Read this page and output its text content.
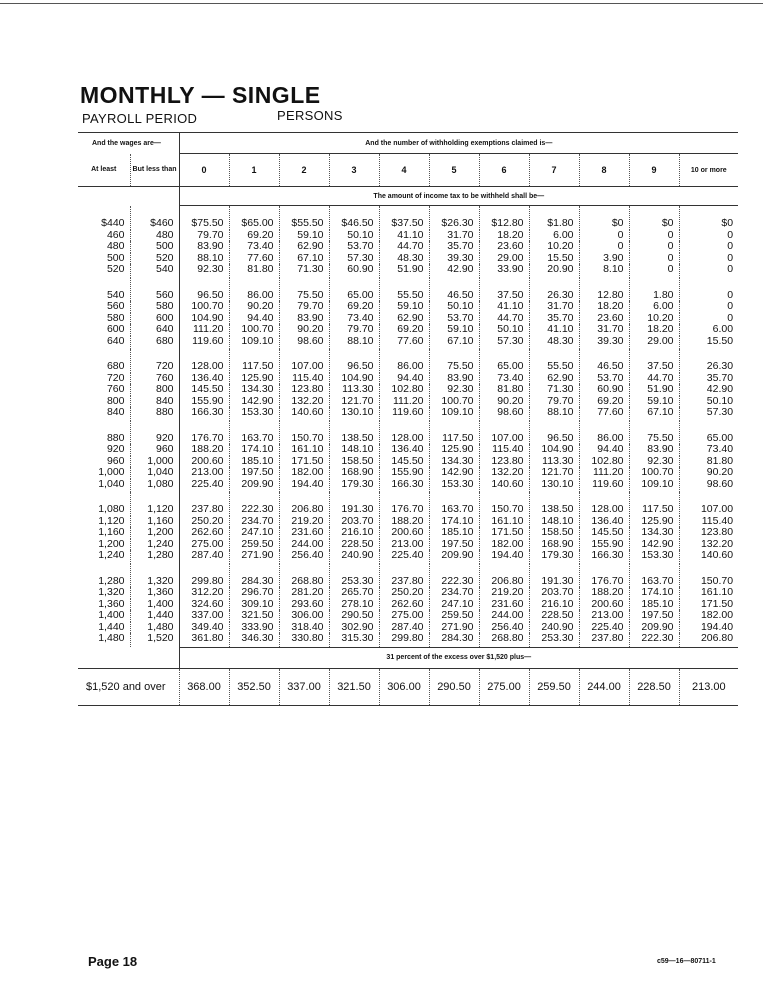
MONTHLY — SINGLE
PAYROLL PERIOD	PERSONS
And the wages are—		And the number of withholding exemptions claimed is—										
At least	But less than	0	1	2	3	4	5	6	7	8	9	10 or more
		The amount of income tax to be withheld shall be—										
$440	$460	$75.50	$65.00	$55.50	$46.50	$37.50	$26.30	$12.80	$1.80	$0	$0	$0
460	480	79.70	69.20	59.10	50.10	41.10	31.70	18.20	6.00	0	0	0
480	500	83.90	73.40	62.90	53.70	44.70	35.70	23.60	10.20	0	0	0
500	520	88.10	77.60	67.10	57.30	48.30	39.30	29.00	15.50	3.90	0	0
520	540	92.30	81.80	71.30	60.90	51.90	42.90	33.90	20.90	8.10	0	0
540	560	96.50	86.00	75.50	65.00	55.50	46.50	37.50	26.30	12.80	1.80	0
560	580	100.70	90.20	79.70	69.20	59.10	50.10	41.10	31.70	18.20	6.00	0
580	600	104.90	94.40	83.90	73.40	62.90	53.70	44.70	35.70	23.60	10.20	0
600	640	111.20	100.70	90.20	79.70	69.20	59.10	50.10	41.10	31.70	18.20	6.00
640	680	119.60	109.10	98.60	88.10	77.60	67.10	57.30	48.30	39.30	29.00	15.50
680	720	128.00	117.50	107.00	96.50	86.00	75.50	65.00	55.50	46.50	37.50	26.30
720	760	136.40	125.90	115.40	104.90	94.40	83.90	73.40	62.90	53.70	44.70	35.70
760	800	145.50	134.30	123.80	113.30	102.80	92.30	81.80	71.30	60.90	51.90	42.90
800	840	155.90	142.90	132.20	121.70	111.20	100.70	90.20	79.70	69.20	59.10	50.10
840	880	166.30	153.30	140.60	130.10	119.60	109.10	98.60	88.10	77.60	67.10	57.30
880	920	176.70	163.70	150.70	138.50	128.00	117.50	107.00	96.50	86.00	75.50	65.00
920	960	188.20	174.10	161.10	148.10	136.40	125.90	115.40	104.90	94.40	83.90	73.40
960	1,000	200.60	185.10	171.50	158.50	145.50	134.30	123.80	113.30	102.80	92.30	81.80
1,000	1,040	213.00	197.50	182.00	168.90	155.90	142.90	132.20	121.70	111.20	100.70	90.20
1,040	1,080	225.40	209.90	194.40	179.30	166.30	153.30	140.60	130.10	119.60	109.10	98.60
1,080	1,120	237.80	222.30	206.80	191.30	176.70	163.70	150.70	138.50	128.00	117.50	107.00
1,120	1,160	250.20	234.70	219.20	203.70	188.20	174.10	161.10	148.10	136.40	125.90	115.40
1,160	1,200	262.60	247.10	231.60	216.10	200.60	185.10	171.50	158.50	145.50	134.30	123.80
1,200	1,240	275.00	259.50	244.00	228.50	213.00	197.50	182.00	168.90	155.90	142.90	132.20
1,240	1,280	287.40	271.90	256.40	240.90	225.40	209.90	194.40	179.30	166.30	153.30	140.60
1,280	1,320	299.80	284.30	268.80	253.30	237.80	222.30	206.80	191.30	176.70	163.70	150.70
1,320	1,360	312.20	296.70	281.20	265.70	250.20	234.70	219.20	203.70	188.20	174.10	161.10
1,360	1,400	324.60	309.10	293.60	278.10	262.60	247.10	231.60	216.10	200.60	185.10	171.50
1,400	1,440	337.00	321.50	306.00	290.50	275.00	259.50	244.00	228.50	213.00	197.50	182.00
1,440	1,480	349.40	333.90	318.40	302.90	287.40	271.90	256.40	240.90	225.40	209.90	194.40
1,480	1,520	361.80	346.30	330.80	315.30	299.80	284.30	268.80	253.30	237.80	222.30	206.80
		31 percent of the excess over $1,520 plus—										
$1,520 and over		368.00	352.50	337.00	321.50	306.00	290.50	275.00	259.50	244.00	228.50	213.00
Page 18	c59—16—80711-1
